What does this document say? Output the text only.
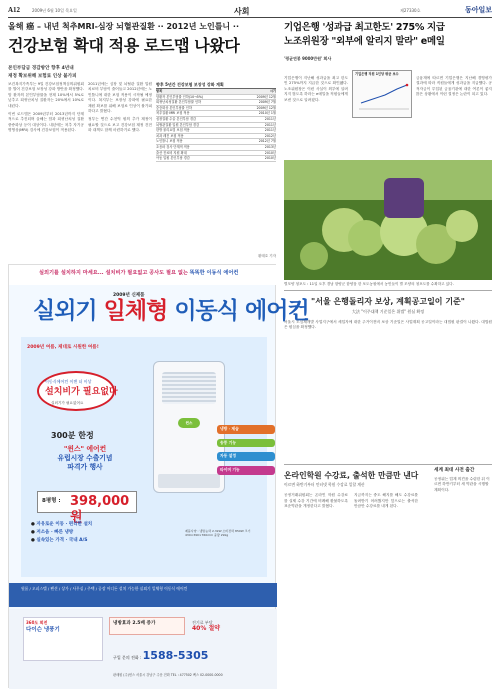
A12	2009년 6월 10일 목요일	사회	제27330호	동아일보
올해 癌 – 내년 척추MRI-심장 뇌혈관질환 ·· 2012년 노인틀니 ··
건강보험 확대 적용 로드맵 나왔다
본인부담금 경감방안 향후 4년내
재정 확보위해 보험료 인상 불가피

보건복지가족부는 9일 건강보험정책심의위원회를 열어 건강보험 보장성 강화 방안을 확정했다. 암 환자의 본인부담률을 현재 10%에서 5%로 낮추고 희귀난치성 질환자는 20%에서 10%로 내린다.

이번 로드맵은 2009년부터 2013년까지 단계적으로 추진되며 올해는 암과 희귀난치성 질환 중증화상 등이 대상이다. 내년에는 척추 자기공명영상(MRI) 검사에 건강보험이 적용된다.

2011년에는 심장 및 뇌혈관 질환 입원 치료비 부담이 줄어들고 2012년에는 노인틀니에 대한 보험 적용이 시작될 예정이다. 복지부는 보장성 강화에 필요한 재원 확보를 위해 보험료 인상이 불가피하다고 밝혔다.

정부는 연간 수천억 원의 추가 재정이 필요할 것으로 보고 건강보험 재정 건전화 대책도 함께 마련하기로 했다.

향후 5년간 건강보험 보장성 강화 계획
항목	시기
암환자 본인부담률 인하(10→5%)	2009년 12월
희귀난치성질환 본인부담률 인하	2009년 7월
중증화상 본인부담률 인하	2009년 12월
척추질환 MRI 보험 적용	2010년 1월
심장질환 수술 본인부담 경감	2011년
뇌혈관질환 입원 본인부담 경감	2011년
한방 물리요법 보험 적용	2011년
치과 레진 보험 적용	2012년
노인틀니 보험 적용	2012년 7월
초음파 검사 단계적 적용	2013년
출산 진료비 지원 확대	2010년
아동 입원 본인부담 경감	2010년
황태호 기자
기업은행 '성과급 최고한도' 275% 지급
노조위원장 "외부에 알리지 말라" e메일
'평균연봉 9000만원' 회사

기업은행이 지난해 성과급을 최고 한도인 275%까지 지급한 것으로 확인됐다. 노조위원장은 이런 사실이 외부에 알려지지 않도록 하라는 e메일을 직원들에게 보낸 것으로 알려졌다.

기업은행 직원 1인당 평균 보수

금융계에 따르면 기업은행은 지난해 경영평가 결과에 따라 직원들에게 성과급을 지급했다. 공적자금이 투입된 금융기관에 대한 여론이 좋지 않은 상황에서 이런 결정은 논란이 되고 있다.

별모양 청포도 : 11일 오후 경남 함양군 함양읍 한 포도농원에서 농민들이 별 모양의 청포도를 수확하고 있다.
실외기를 설치하지 마세요... 설치비가 필요없고 공사도 필요 없는 똑똑한 이동식 에어컨
2009년 신제품
실외기 일체형 이동식 에어컨
2009년 여름, 제대로 시원한 여름!
이동식에어컨 이젠 더 이상
설치비가 필요없다
실외기가 필요없어요
300분 한정
"윈스" 에어컨
유럽시장 수출기념
파격가 행사
8평형 : 398,000원
● 자유로운 이동 · 편리한 설치
● 저소음 · 빠른 냉방
● 실속있는 가격 · 국내 A/S
윈스
냉방 · 제습
송풍 기능
자동 설정
타이머 기능
제품사양 : 냉방능력 2.3kW 소비전력 850W 크기 430×390×760mm 중량 29kg
원룸 / 오피스텔 / 펜션 / 상가 / 사무실 / 주택 / 공장 어디든 설치 가능한 실외기 일체형 이동식 에어컨
360도 회전
다이슨 냉풍기
냉방효과 2.5배 증가	전기료 부담
40% 절약
구입 문의 전화 : 1588-5305
판매원 (주)윈스 서울시 강남구 주문 전화 TEL : 477502 팩스 02-0000-0000
"서울 은행돌리자 보상, 계획공고일이 기준"
大法 "이주대책 기준일은 위법" 원심 확정

서울시 도심재개발 사업지구에서 세입자에 대한 주거이전비 보상 기준일은 사업계획 공고일이라는 대법원 판결이 나왔다. 대법원은 원심을 확정했다.

온라인학원 수강료, 출석한 만큼만 낸다
이르면 하반기부터 인터넷 학원 수강료 일할 계산

공정거래위원회는 온라인 학원 수강료를 실제 수강 기간에 비례해 환불하도록 표준약관을 개정한다고 밝혔다.

지금까지는 중도 해지를 해도 수강료를 돌려받기 어려웠지만 앞으로는 출석한 만큼만 수강료를 내게 된다.

세계 최대 사전 출간

공정위는 업계 의견을 수렴한 뒤 이르면 하반기부터 새 약관을 시행할 계획이다.
